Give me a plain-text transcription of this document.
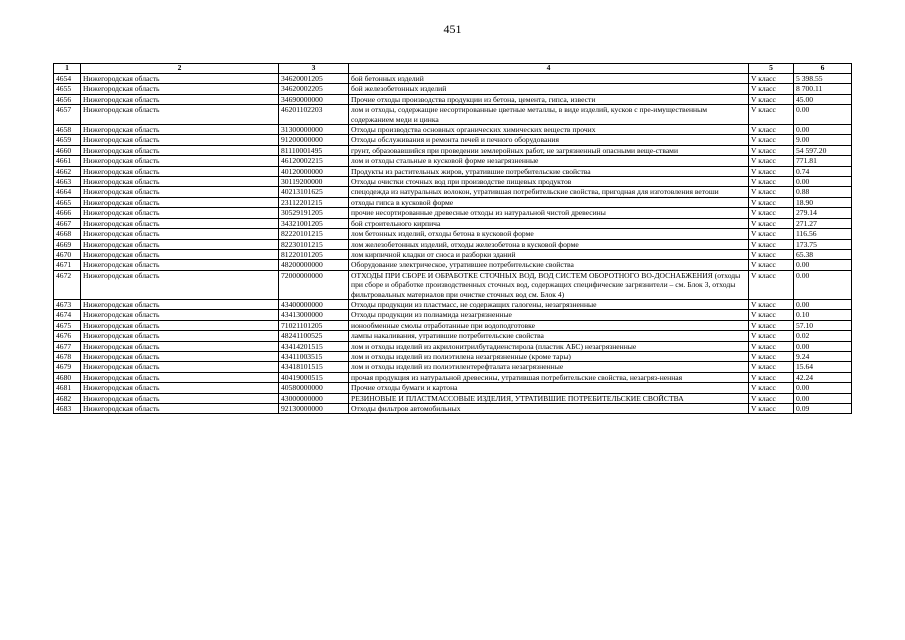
451
1	2	3	4	5	6
4654	Нижегородская область	34620001205	бой бетонных изделий	V класс	5 398.55
4655	Нижегородская область	34620002205	бой железобетонных изделий	V класс	8 700.11
4656	Нижегородская область	34690000000	Прочие отходы производства продукции из бетона, цемента, гипса, извести	V класс	45.00
4657	Нижегородская область	46201102203	лом и отходы, содержащие несортированные цветные металлы, в виде изделий, кусков с пре-имущественным содержанием меди и цинка	V класс	0.00
4658	Нижегородская область	31300000000	Отходы производства основных органических химических веществ прочих	V класс	0.00
4659	Нижегородская область	91200000000	Отходы обслуживания и ремонта печей и печного оборудования	V класс	9.00
4660	Нижегородская область	81110001495	грунт, образовавшийся при проведении землеройных работ, не загрязненный опасными веще-ствами	V класс	54 597.20
4661	Нижегородская область	46120002215	лом и отходы стальные в кусковой форме незагрязненные	V класс	771.81
4662	Нижегородская область	40120000000	Продукты из растительных жиров, утратившие потребительские свойства	V класс	0.74
4663	Нижегородская область	30119200000	Отходы очистки сточных вод при производстве пищевых продуктов	V класс	0.00
4664	Нижегородская область	40213101625	спецодежда из натуральных волокон, утратившая потребительские свойства, пригодная для изготовления ветоши	V класс	0.88
4665	Нижегородская область	23112201215	отходы гипса в кусковой форме	V класс	18.90
4666	Нижегородская область	30529191205	прочие несортированные древесные отходы из натуральной чистой древесины	V класс	279.14
4667	Нижегородская область	34321001205	бой строительного кирпича	V класс	271.27
4668	Нижегородская область	82220101215	лом бетонных изделий, отходы бетона в кусковой форме	V класс	116.56
4669	Нижегородская область	82230101215	лом железобетонных изделий, отходы железобетона в кусковой форме	V класс	173.75
4670	Нижегородская область	81220101205	лом кирпичной кладки от сноса и разборки зданий	V класс	65.38
4671	Нижегородская область	48200000000	Оборудование электрическое, утратившее потребительские свойства	V класс	0.00
4672	Нижегородская область	72000000000	ОТХОДЫ ПРИ СБОРЕ И ОБРАБОТКЕ СТОЧНЫХ ВОД, ВОД СИСТЕМ ОБОРОТНОГО ВО-ДОСНАБЖЕНИЯ (отходы при сборе и обработке производственных сточных вод, содержащих специфические загрязнители – см. Блок 3, отходы фильтровальных материалов при очистке сточных вод см. Блок 4)	V класс	0.00
4673	Нижегородская область	43400000000	Отходы продукции из пластмасс, не содержащих галогены, незагрязненные	V класс	0.00
4674	Нижегородская область	43413000000	Отходы продукции из полиамида незагрязненные	V класс	0.10
4675	Нижегородская область	71021101205	ионообменные смолы отработанные при водоподготовке	V класс	57.10
4676	Нижегородская область	48241100525	лампы накаливания, утратившие потребительские свойства	V класс	0.02
4677	Нижегородская область	43414201515	лом и отходы изделий из акрилонитрилбутадиенстирола (пластик АБС) незагрязненные	V класс	0.00
4678	Нижегородская область	43411003515	лом и отходы изделий из полиэтилена незагрязненные (кроме тары)	V класс	9.24
4679	Нижегородская область	43418101515	лом и отходы изделий из полиэтилентерефталата незагрязненные	V класс	15.64
4680	Нижегородская область	40419000515	прочая продукция из натуральной древесины, утратившая потребительские свойства, незагряз-ненная	V класс	42.24
4681	Нижегородская область	40580000000	Прочие отходы бумаги и картона	V класс	0.00
4682	Нижегородская область	43000000000	РЕЗИНОВЫЕ И ПЛАСТМАССОВЫЕ ИЗДЕЛИЯ, УТРАТИВШИЕ ПОТРЕБИТЕЛЬСКИЕ СВОЙСТВА	V класс	0.00
4683	Нижегородская область	92130000000	Отходы фильтров автомобильных	V класс	0.09
